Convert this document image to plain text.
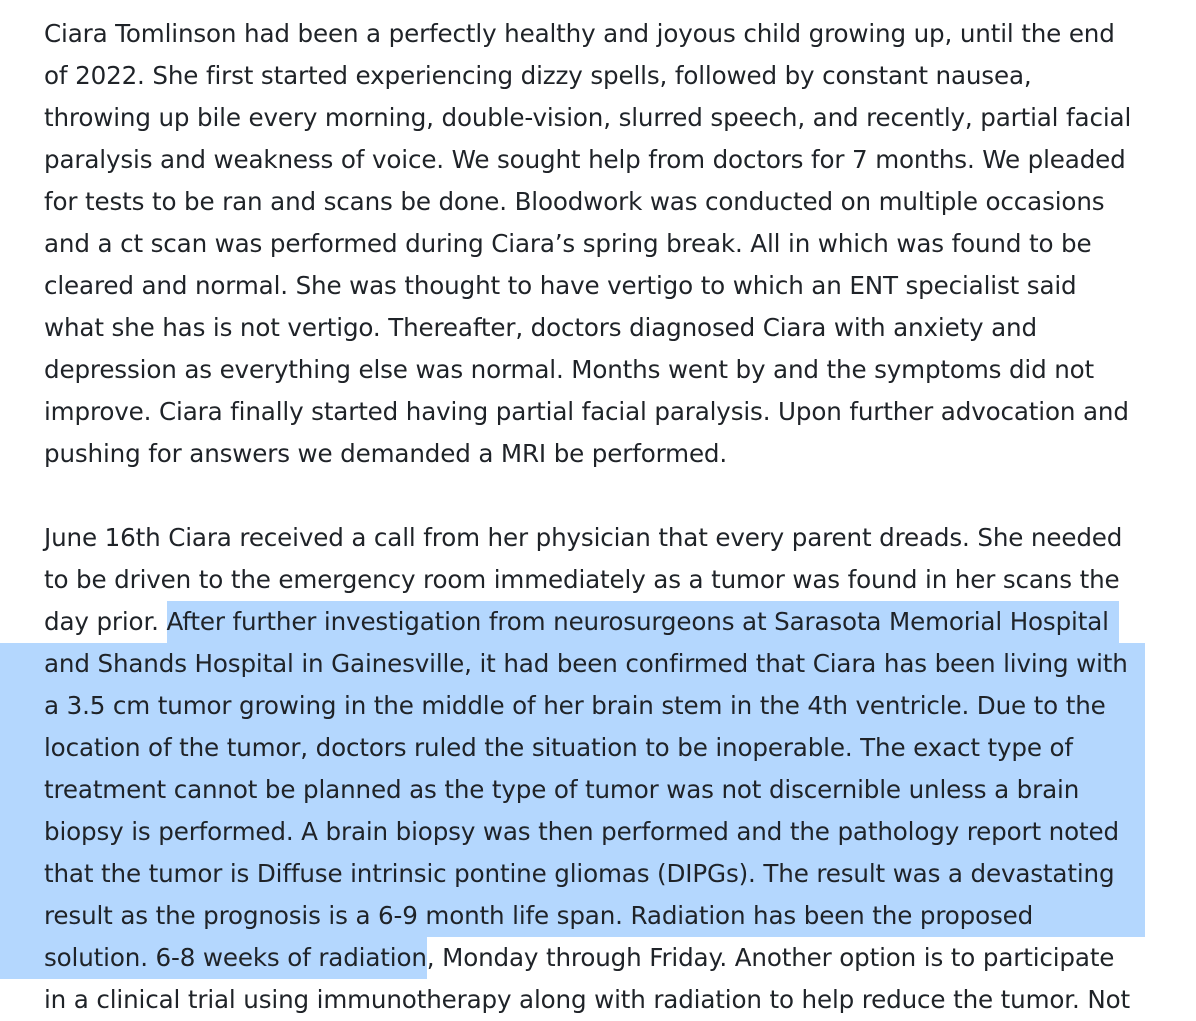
Ciara Tomlinson had been a perfectly healthy and joyous child growing up, until the end
of 2022. She first started experiencing dizzy spells, followed by constant nausea,
throwing up bile every morning, double-vision, slurred speech, and recently, partial facial
paralysis and weakness of voice. We sought help from doctors for 7 months. We pleaded
for tests to be ran and scans be done. Bloodwork was conducted on multiple occasions
and a ct scan was performed during Ciara’s spring break. All in which was found to be
cleared and normal. She was thought to have vertigo to which an ENT specialist said
what she has is not vertigo. Thereafter, doctors diagnosed Ciara with anxiety and
depression as everything else was normal. Months went by and the symptoms did not
improve. Ciara finally started having partial facial paralysis. Upon further advocation and
pushing for answers we demanded a MRI be performed.
June 16th Ciara received a call from her physician that every parent dreads. She needed
to be driven to the emergency room immediately as a tumor was found in her scans the
day prior. After further investigation from neurosurgeons at Sarasota Memorial Hospital
and Shands Hospital in Gainesville, it had been confirmed that Ciara has been living with
a 3.5 cm tumor growing in the middle of her brain stem in the 4th ventricle. Due to the
location of the tumor, doctors ruled the situation to be inoperable. The exact type of
treatment cannot be planned as the type of tumor was not discernible unless a brain
biopsy is performed. A brain biopsy was then performed and the pathology report noted
that the tumor is Diffuse intrinsic pontine gliomas (DIPGs). The result was a devastating
result as the prognosis is a 6-9 month life span. Radiation has been the proposed
solution. 6-8 weeks of radiation, Monday through Friday. Another option is to participate
in a clinical trial using immunotherapy along with radiation to help reduce the tumor. Not
